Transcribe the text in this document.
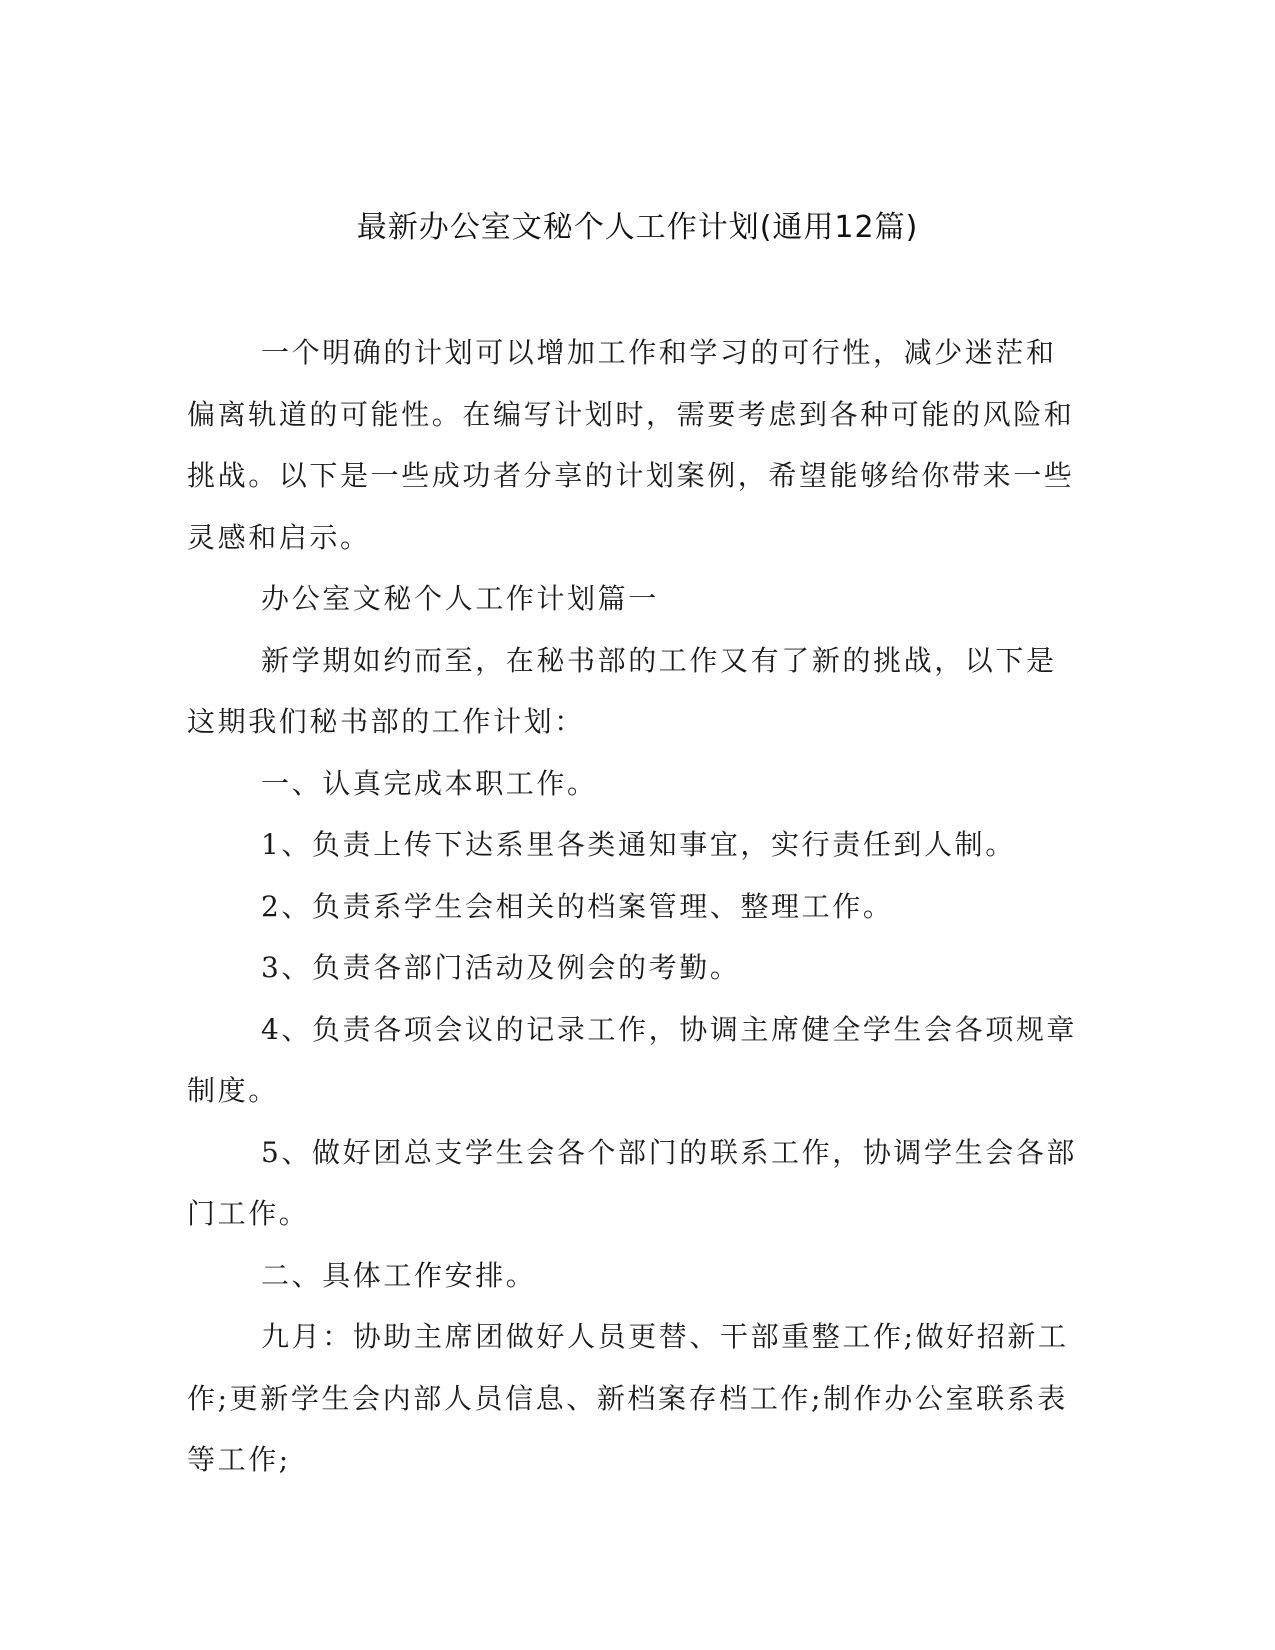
最新办公室文秘个人工作计划(通用12篇)

一个明确的计划可以增加工作和学习的可行性，减少迷茫和偏离轨道的可能性。在编写计划时，需要考虑到各种可能的风险和挑战。以下是一些成功者分享的计划案例，希望能够给你带来一些灵感和启示。

办公室文秘个人工作计划篇一

新学期如约而至，在秘书部的工作又有了新的挑战，以下是这期我们秘书部的工作计划：

一、认真完成本职工作。

1、负责上传下达系里各类通知事宜，实行责任到人制。

2、负责系学生会相关的档案管理、整理工作。

3、负责各部门活动及例会的考勤。

4、负责各项会议的记录工作，协调主席健全学生会各项规章制度。

5、做好团总支学生会各个部门的联系工作，协调学生会各部门工作。

二、具体工作安排。

九月：协助主席团做好人员更替、干部重整工作;做好招新工作;更新学生会内部人员信息、新档案存档工作;制作办公室联系表等工作;
